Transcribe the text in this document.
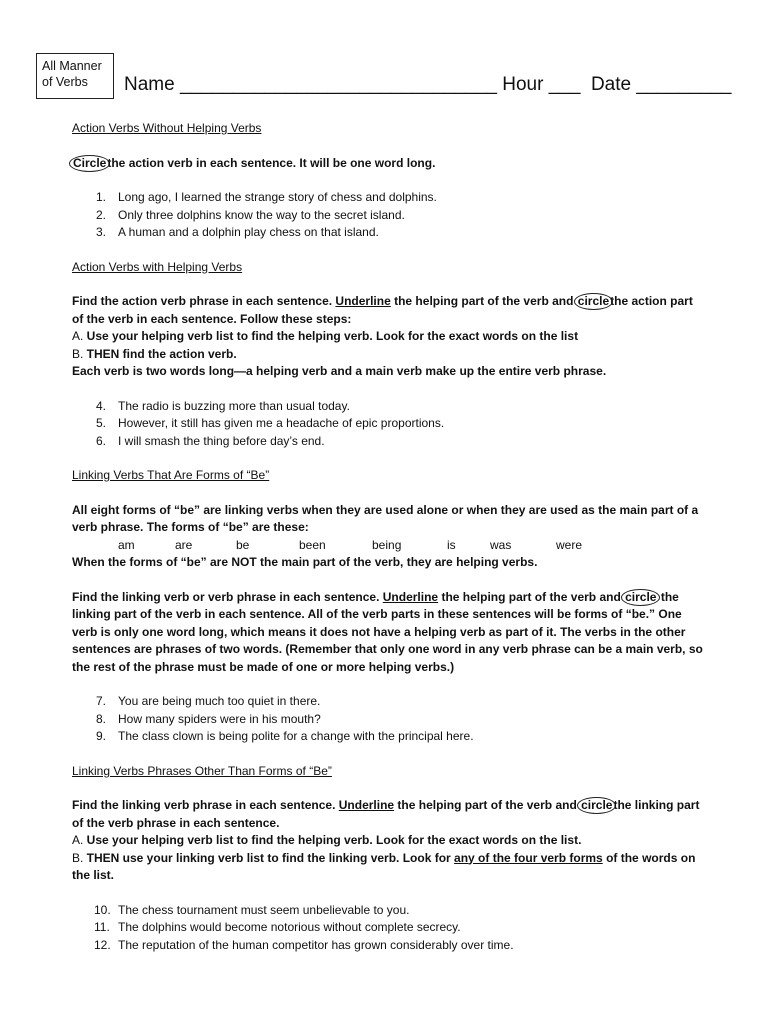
All Manner
of Verbs	Name ______________________________ Hour ___  Date _________

Action Verbs Without Helping Verbs

Circlethe action verb in each sentence. It will be one word long.

1. Long ago, I learned the strange story of chess and dolphins.
2. Only three dolphins know the way to the secret island.
3. A human and a dolphin play chess on that island.

Action Verbs with Helping Verbs

Find the action verb phrase in each sentence. Underline the helping part of the verb and circlethe action part

of the verb in each sentence. Follow these steps:

A. Use your helping verb list to find the helping verb. Look for the exact words on the list

B. THEN find the action verb.

Each verb is two words long—a helping verb and a main verb make up the entire verb phrase.

4. The radio is buzzing more than usual today.
5. However, it still has given me a headache of epic proportions.
6. I will smash the thing before day’s end.

Linking Verbs That Are Forms of “Be”

All eight forms of “be” are linking verbs when they are used alone or when they are used as the main part of a

verb phrase. The forms of “be” are these:

am	are	be	been	being	is	was	were

When the forms of “be” are NOT the main part of the verb, they are helping verbs.

Find the linking verb or verb phrase in each sentence. Underline the helping part of the verb and circle the

linking part of the verb in each sentence. All of the verb parts in these sentences will be forms of “be.” One

verb is only one word long, which means it does not have a helping verb as part of it. The verbs in the other

sentences are phrases of two words. (Remember that only one word in any verb phrase can be a main verb, so

the rest of the phrase must be made of one or more helping verbs.)

7. You are being much too quiet in there.
8. How many spiders were in his mouth?
9. The class clown is being polite for a change with the principal here.

Linking Verbs Phrases Other Than Forms of “Be”

Find the linking verb phrase in each sentence. Underline the helping part of the verb and circlethe linking part

of the verb phrase in each sentence.

A. Use your helping verb list to find the helping verb. Look for the exact words on the list.

B. THEN use your linking verb list to find the linking verb. Look for any of the four verb forms of the words on

the list.

10. The chess tournament must seem unbelievable to you.
11. The dolphins would become notorious without complete secrecy.
12. The reputation of the human competitor has grown considerably over time.
